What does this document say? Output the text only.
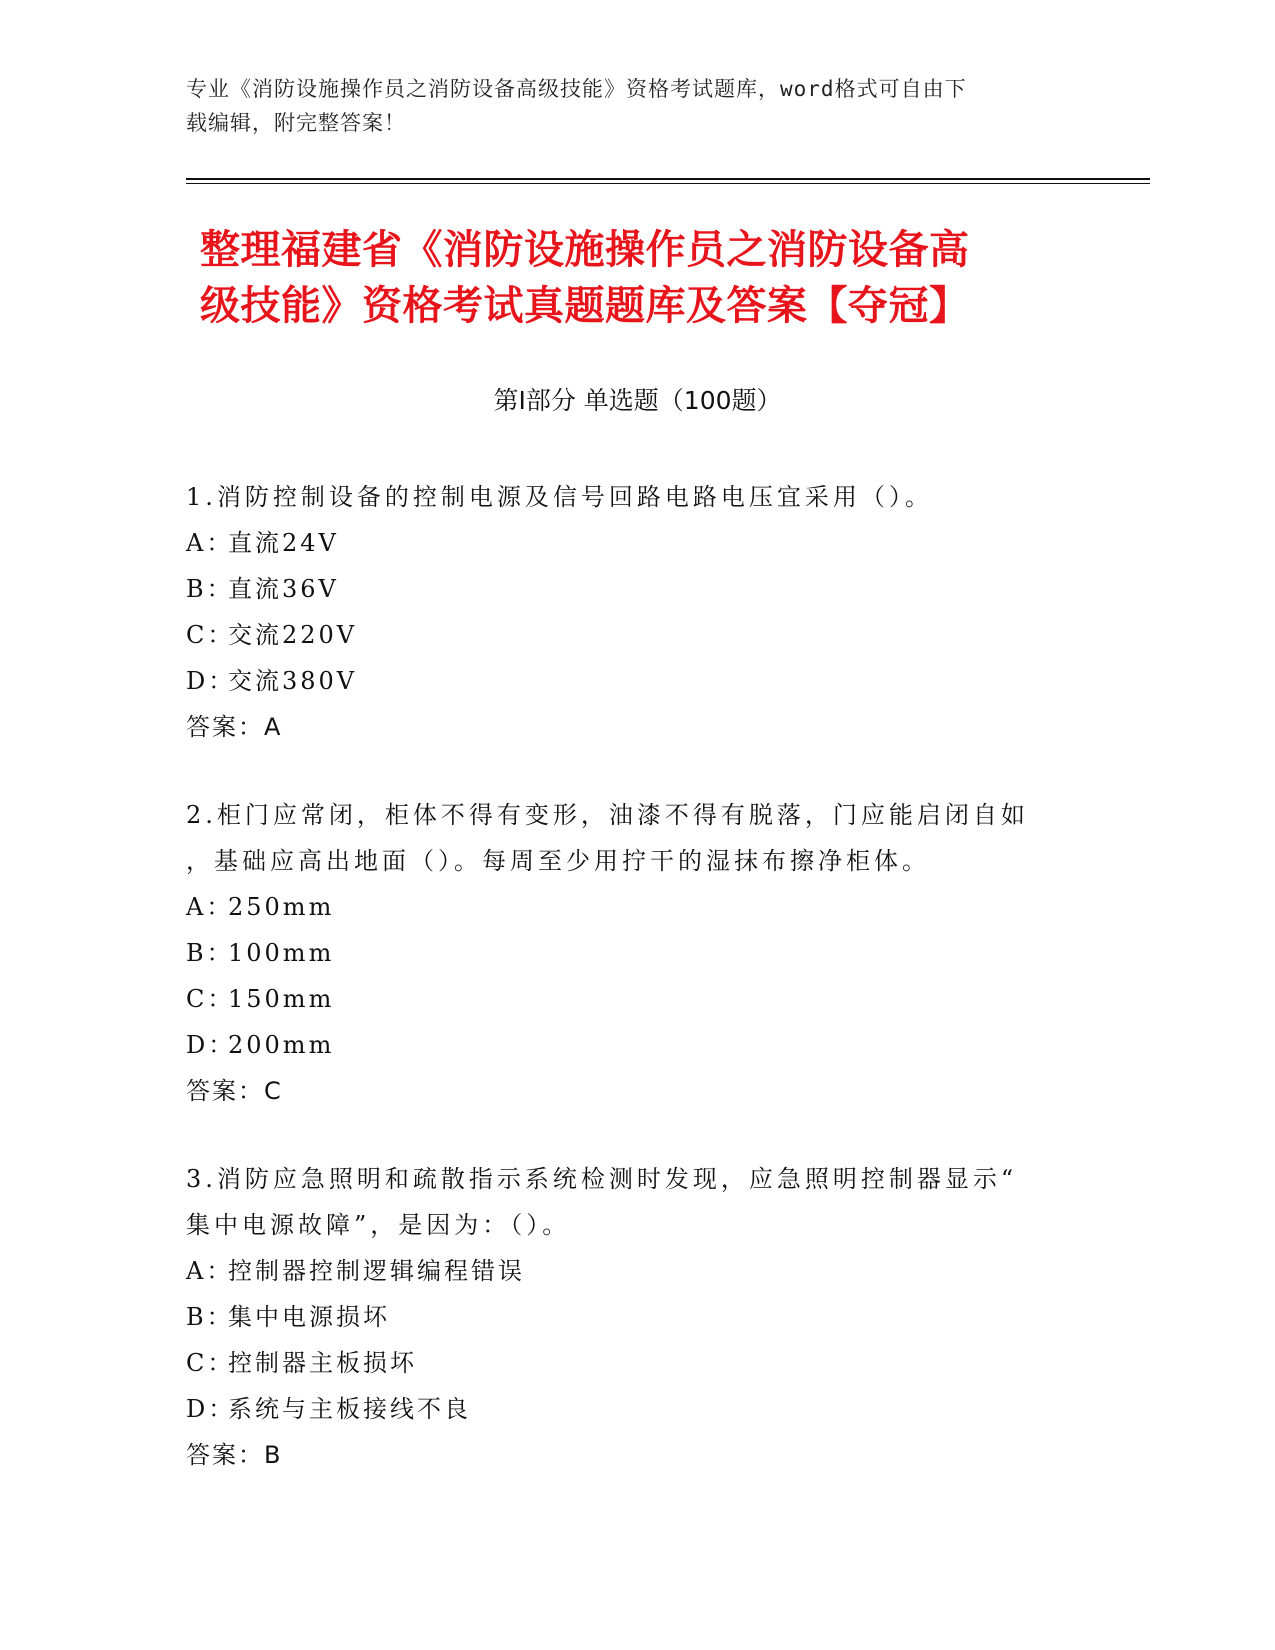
专业《消防设施操作员之消防设备高级技能》资格考试题库，word格式可自由下
载编辑，附完整答案！
整理福建省《消防设施操作员之消防设备高
级技能》资格考试真题题库及答案【夺冠】
第Ⅰ部分 单选题（100题）
1.消防控制设备的控制电源及信号回路电路电压宜采用（）。
A：
直流24V
B：
直流36V
C：
交流220V
D：
交流380V
答案：A
2.柜门应常闭，柜体不得有变形，油漆不得有脱落，门应能启闭自如
，基础应高出地面（）。每周至少用拧干的湿抹布擦净柜体。
A：
250mm
B：
100mm
C：
150mm
D：
200mm
答案：C
3.消防应急照明和疏散指示系统检测时发现，应急照明控制器显示“
集中电源故障”，是因为：（）。
A：
控制器控制逻辑编程错误
B：
集中电源损坏
C：
控制器主板损坏
D：
系统与主板接线不良
答案：B
